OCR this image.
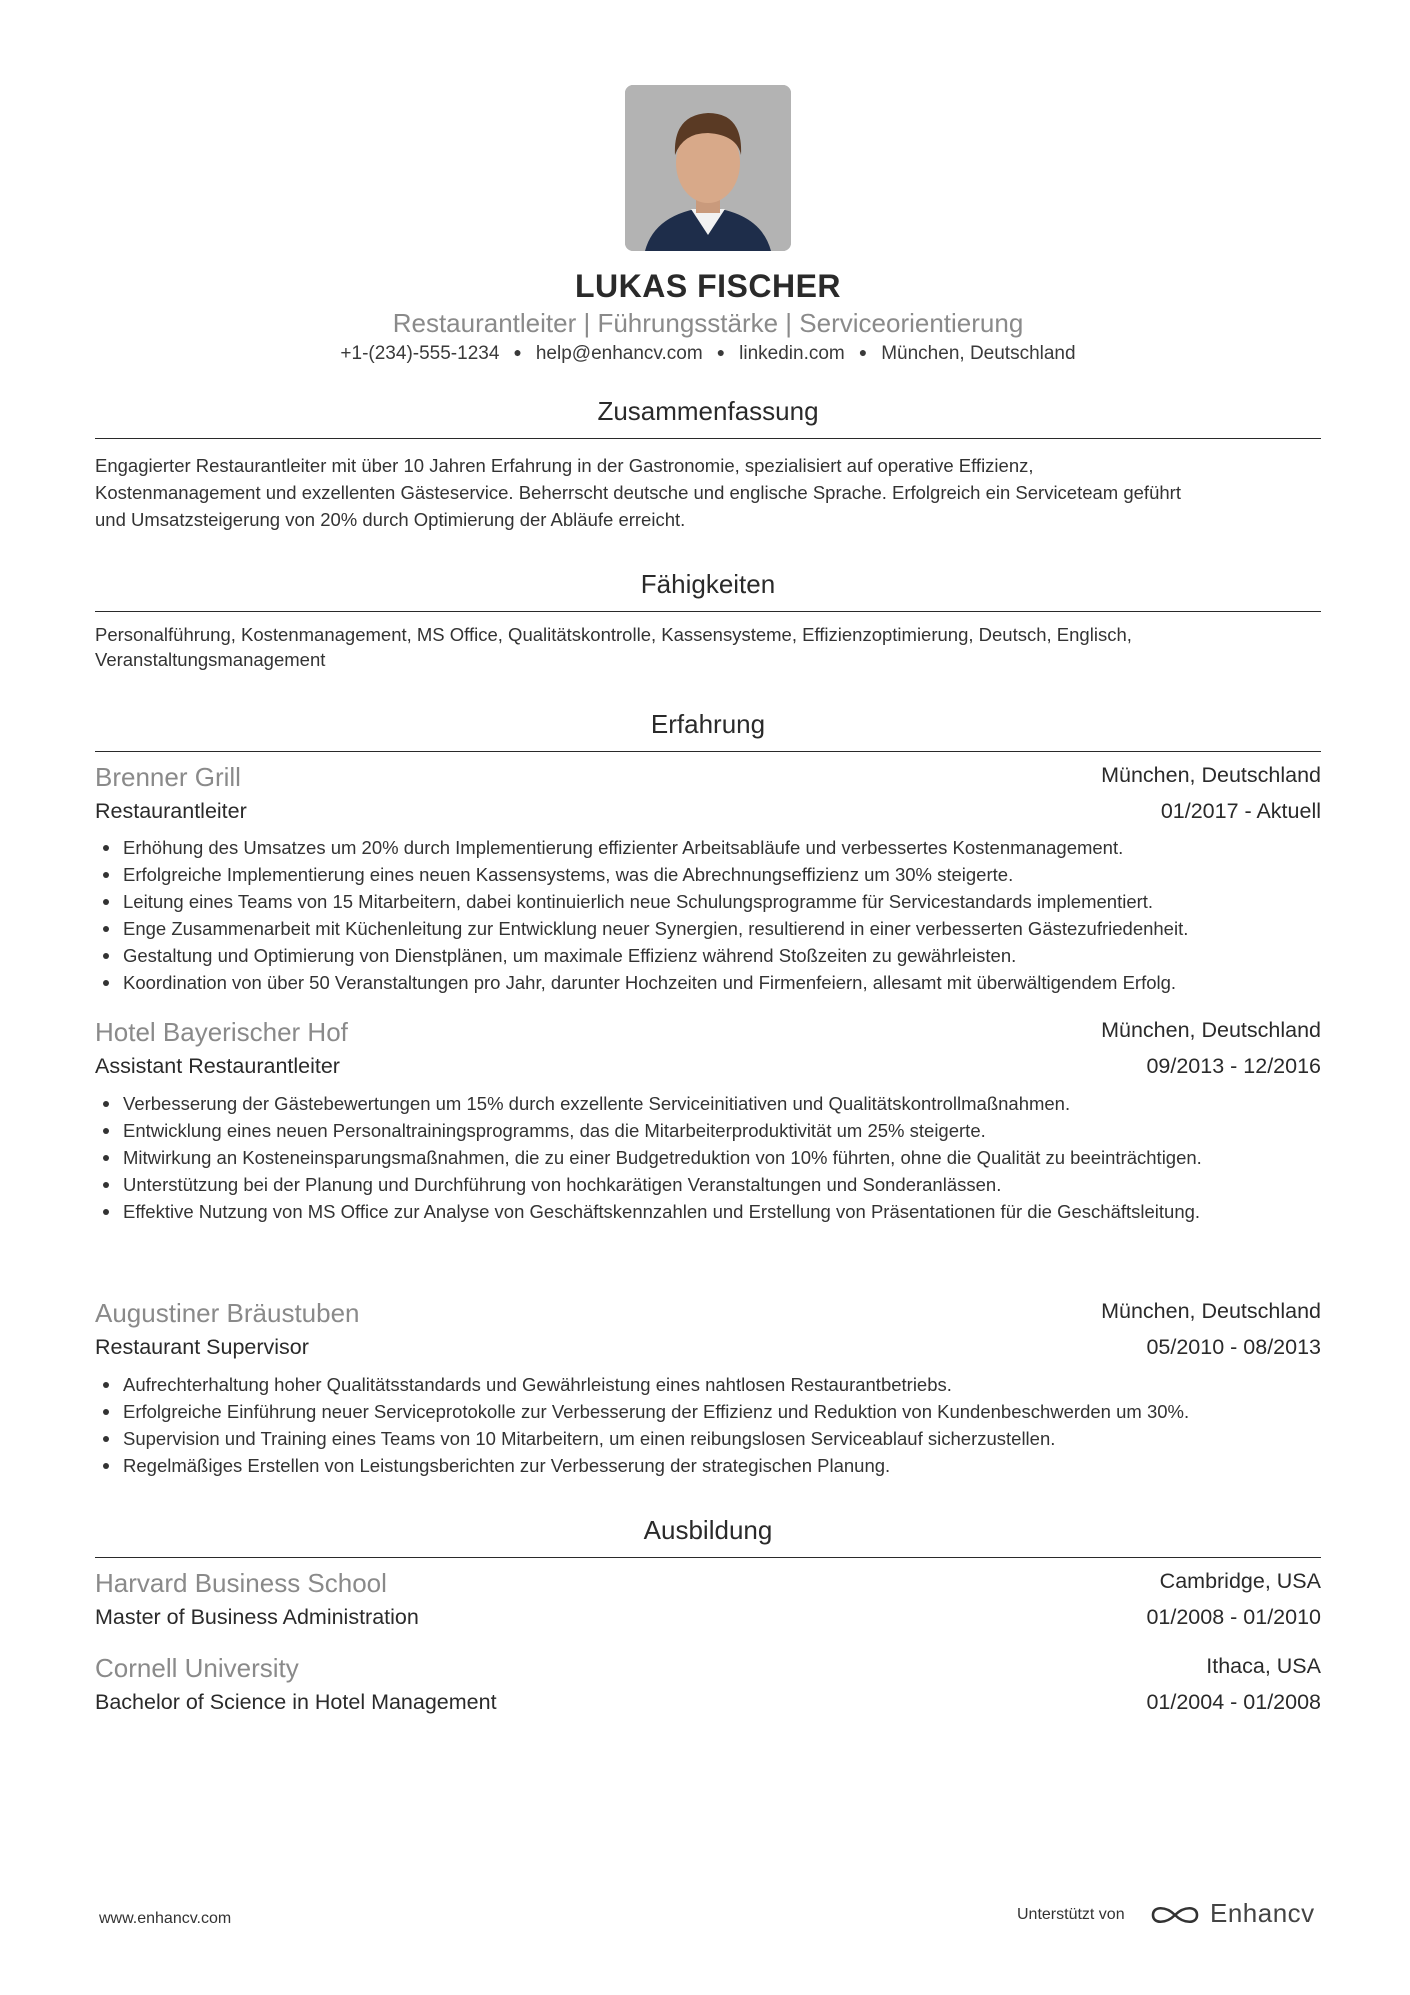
LUKAS FISCHER
Restaurantleiter | Führungsstärke | Serviceorientierung
+1-(234)-555-1234 ● help@enhancv.com ● linkedin.com ● München, Deutschland
Zusammenfassung
Engagierter Restaurantleiter mit über 10 Jahren Erfahrung in der Gastronomie, spezialisiert auf operative Effizienz,
Kostenmanagement und exzellenten Gästeservice. Beherrscht deutsche und englische Sprache. Erfolgreich ein Serviceteam geführt
und Umsatzsteigerung von 20% durch Optimierung der Abläufe erreicht.
Fähigkeiten
Personalführung, Kostenmanagement, MS Office, Qualitätskontrolle, Kassensysteme, Effizienzoptimierung, Deutsch, Englisch,
Veranstaltungsmanagement
Erfahrung
Brenner Grill	München, Deutschland
Restaurantleiter	01/2017 - Aktuell
Erhöhung des Umsatzes um 20% durch Implementierung effizienter Arbeitsabläufe und verbessertes Kostenmanagement.
Erfolgreiche Implementierung eines neuen Kassensystems, was die Abrechnungseffizienz um 30% steigerte.
Leitung eines Teams von 15 Mitarbeitern, dabei kontinuierlich neue Schulungsprogramme für Servicestandards implementiert.
Enge Zusammenarbeit mit Küchenleitung zur Entwicklung neuer Synergien, resultierend in einer verbesserten Gästezufriedenheit.
Gestaltung und Optimierung von Dienstplänen, um maximale Effizienz während Stoßzeiten zu gewährleisten.
Koordination von über 50 Veranstaltungen pro Jahr, darunter Hochzeiten und Firmenfeiern, allesamt mit überwältigendem Erfolg.
Hotel Bayerischer Hof	München, Deutschland
Assistant Restaurantleiter	09/2013 - 12/2016
Verbesserung der Gästebewertungen um 15% durch exzellente Serviceinitiativen und Qualitätskontrollmaßnahmen.
Entwicklung eines neuen Personaltrainingsprogramms, das die Mitarbeiterproduktivität um 25% steigerte.
Mitwirkung an Kosteneinsparungsmaßnahmen, die zu einer Budgetreduktion von 10% führten, ohne die Qualität zu beeinträchtigen.
Unterstützung bei der Planung und Durchführung von hochkarätigen Veranstaltungen und Sonderanlässen.
Effektive Nutzung von MS Office zur Analyse von Geschäftskennzahlen und Erstellung von Präsentationen für die Geschäftsleitung.
Augustiner Bräustuben	München, Deutschland
Restaurant Supervisor	05/2010 - 08/2013
Aufrechterhaltung hoher Qualitätsstandards und Gewährleistung eines nahtlosen Restaurantbetriebs.
Erfolgreiche Einführung neuer Serviceprotokolle zur Verbesserung der Effizienz und Reduktion von Kundenbeschwerden um 30%.
Supervision und Training eines Teams von 10 Mitarbeitern, um einen reibungslosen Serviceablauf sicherzustellen.
Regelmäßiges Erstellen von Leistungsberichten zur Verbesserung der strategischen Planung.
Ausbildung
Harvard Business School	Cambridge, USA
Master of Business Administration	01/2008 - 01/2010
Cornell University	Ithaca, USA
Bachelor of Science in Hotel Management	01/2004 - 01/2008
www.enhancv.com	Unterstützt von	Enhancv
